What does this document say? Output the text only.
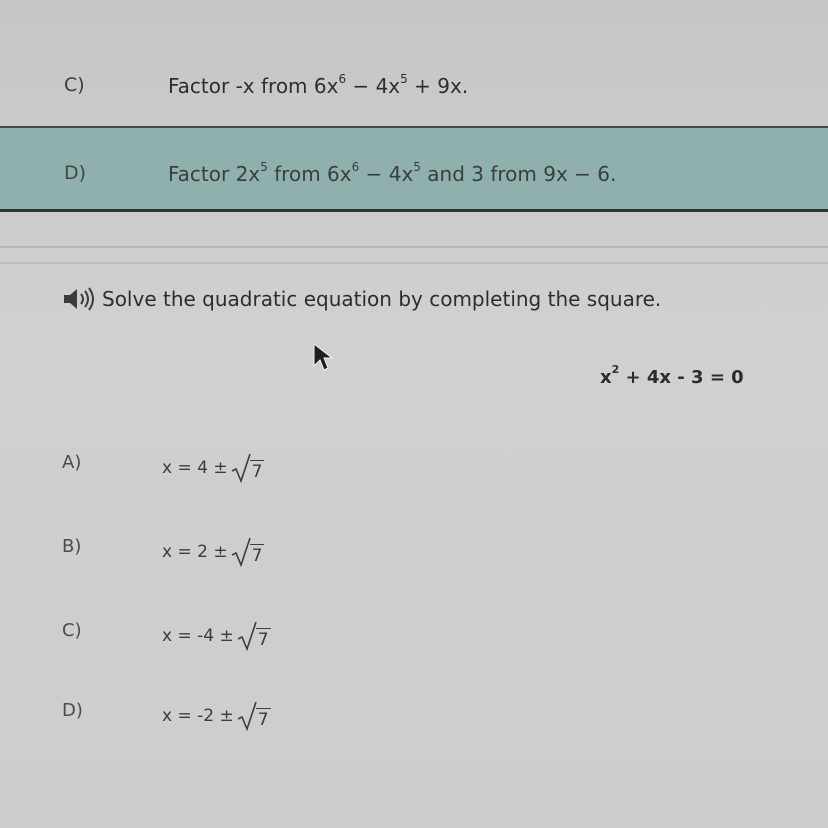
C)	Factor -x from $6x^6 - 4x^5 + 9x$.
D)	Factor $2x^5$ from $6x^6 - 4x^5$ and 3 from 9x − 6.
Solve the quadratic equation by completing the square.
$x^2 + 4x - 3 = 0$
A)	x = 4 ± 7
B)	x = 2 ± 7
C)	x = -4 ± 7
D)	x = -2 ± 7
